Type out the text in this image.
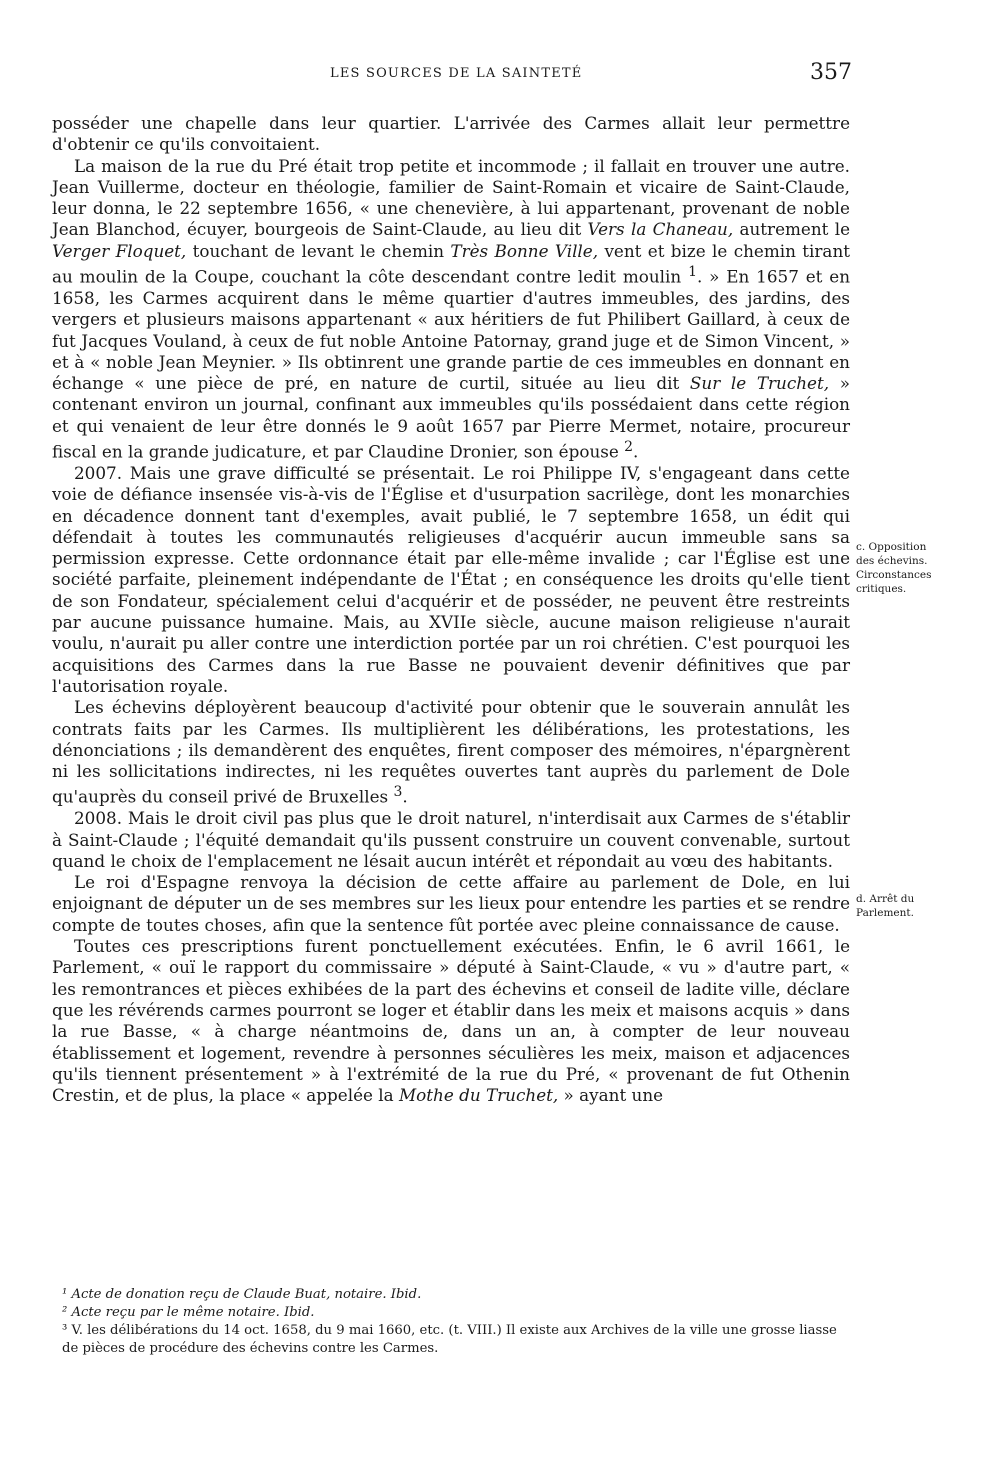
LES SOURCES DE LA SAINTETÉ	357

posséder une chapelle dans leur quartier. L'arrivée des Carmes allait leur permettre d'obtenir ce qu'ils convoitaient.

La maison de la rue du Pré était trop petite et incommode ; il fallait en trouver une autre. Jean Vuillerme, docteur en théologie, familier de Saint-Romain et vicaire de Saint-Claude, leur donna, le 22 septembre 1656, « une chenevière, à lui appartenant, provenant de noble Jean Blanchod, écuyer, bourgeois de Saint-Claude, au lieu dit Vers la Chaneau, autrement le Verger Floquet, touchant de levant le chemin Très Bonne Ville, vent et bize le chemin tirant au moulin de la Coupe, couchant la côte descendant contre ledit moulin $^1$. » En 1657 et en 1658, les Carmes acquirent dans le même quartier d'autres immeubles, des jardins, des vergers et plusieurs maisons appartenant « aux héritiers de fut Philibert Gaillard, à ceux de fut Jacques Vouland, à ceux de fut noble Antoine Patornay, grand juge et de Simon Vincent, » et à « noble Jean Meynier. » Ils obtinrent une grande partie de ces immeubles en donnant en échange « une pièce de pré, en nature de curtil, située au lieu dit Sur le Truchet, » contenant environ un journal, confinant aux immeubles qu'ils possédaient dans cette région et qui venaient de leur être donnés le 9 août 1657 par Pierre Mermet, notaire, procureur fiscal en la grande judicature, et par Claudine Dronier, son épouse $^2$.

2007. Mais une grave difficulté se présentait. Le roi Philippe IV, s'engageant dans cette voie de défiance insensée vis-à-vis de l'Église et d'usurpation sacrilège, dont les monarchies en décadence donnent tant d'exemples, avait publié, le 7 septembre 1658, un édit qui défendait à toutes les communautés religieuses d'acquérir aucun immeuble sans sa permission expresse. Cette ordonnance était par elle-même invalide ; car l'Église est une société parfaite, pleinement indépendante de l'État ; en conséquence les droits qu'elle tient de son Fondateur, spécialement celui d'acquérir et de posséder, ne peuvent être restreints par aucune puissance humaine. Mais, au XVIIe siècle, aucune maison religieuse n'aurait voulu, n'aurait pu aller contre une interdiction portée par un roi chrétien. C'est pourquoi les acquisitions des Carmes dans la rue Basse ne pouvaient devenir définitives que par l'autorisation royale.

Les échevins déployèrent beaucoup d'activité pour obtenir que le souverain annulât les contrats faits par les Carmes. Ils multiplièrent les délibérations, les protestations, les dénonciations ; ils demandèrent des enquêtes, firent composer des mémoires, n'épargnèrent ni les sollicitations indirectes, ni les requêtes ouvertes tant auprès du parlement de Dole qu'auprès du conseil privé de Bruxelles $^3$.

2008. Mais le droit civil pas plus que le droit naturel, n'interdisait aux Carmes de s'établir à Saint-Claude ; l'équité demandait qu'ils pussent construire un couvent convenable, surtout quand le choix de l'emplacement ne lésait aucun intérêt et répondait au vœu des habitants.

Le roi d'Espagne renvoya la décision de cette affaire au parlement de Dole, en lui enjoignant de députer un de ses membres sur les lieux pour entendre les parties et se rendre compte de toutes choses, afin que la sentence fût portée avec pleine connaissance de cause.

Toutes ces prescriptions furent ponctuellement exécutées. Enfin, le 6 avril 1661, le Parlement, « ouï le rapport du commissaire » député à Saint-Claude, « vu » d'autre part, « les remontrances et pièces exhibées de la part des échevins et conseil de ladite ville, déclare que les révérends carmes pourront se loger et établir dans les meix et maisons acquis » dans la rue Basse, « à charge néantmoins de, dans un an, à compter de leur nouveau établissement et logement, revendre à personnes séculières les meix, maison et adjacences qu'ils tiennent présentement » à l'extrémité de la rue du Pré, « provenant de fut Othenin Crestin, et de plus, la place « appelée la Mothe du Truchet, » ayant une

c. Opposition des échevins. Circonstances critiques.

d. Arrêt du Parlement.

¹ Acte de donation reçu de Claude Buat, notaire. Ibid.

² Acte reçu par le même notaire. Ibid.

³ V. les délibérations du 14 oct. 1658, du 9 mai 1660, etc. (t. VIII.) Il existe aux Archives de la ville une grosse liasse de pièces de procédure des échevins contre les Carmes.
